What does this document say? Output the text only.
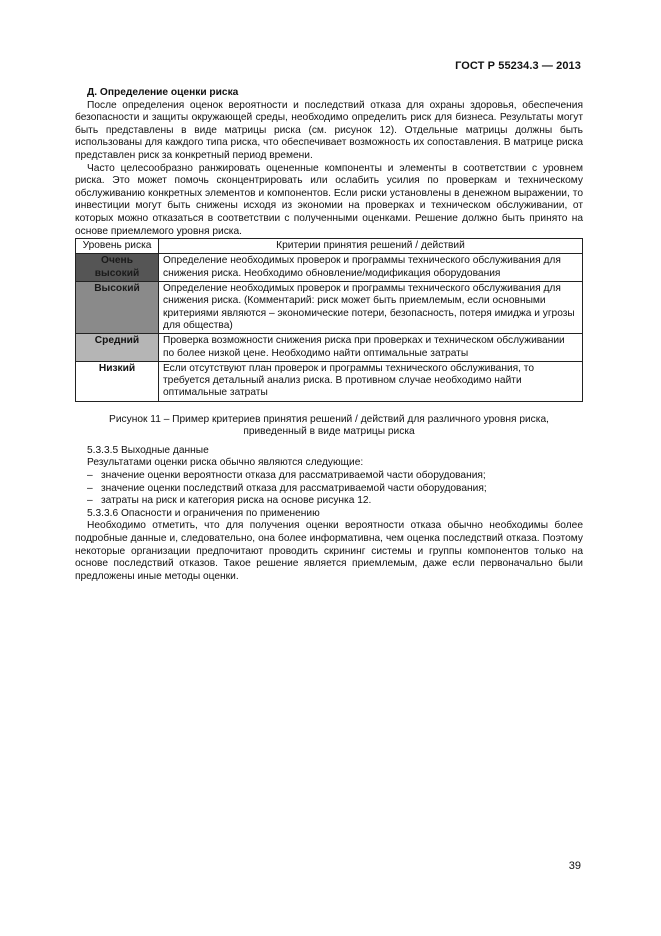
ГОСТ Р 55234.3 — 2013

Д. Определение оценки риска

После определения оценок вероятности и последствий отказа для охраны здоровья, обеспечения безопасности и защиты окружающей среды, необходимо определить риск для бизнеса. Результаты могут быть представлены в виде матрицы риска (см. рисунок 12). Отдельные матрицы должны быть использованы для каждого типа риска, что обеспечивает возможность их сопоставления. В матрице риска представлен риск за конкретный период времени.

Часто целесообразно ранжировать оцененные компоненты и элементы в соответствии с уровнем риска. Это может помочь сконцентрировать или ослабить усилия по проверкам и техническому обслуживанию конкретных элементов и компонентов. Если риски установлены в денежном выражении, то инвестиции могут быть снижены исходя из экономии на проверках и техническом обслуживании, от которых можно отказаться в соответствии с полученными оценками. Решение должно быть принято на основе приемлемого уровня риска.

Уровень риска	Критерии принятия решений / действий
Очень высокий	Определение необходимых проверок и программы технического обслуживания для снижения риска. Необходимо обновление/модификация оборудования
Высокий	Определение необходимых проверок и программы технического обслуживания для снижения риска. (Комментарий: риск может быть приемлемым, если основными критериями являются – экономические потери, безопасность, потеря имиджа и угрозы для общества)
Средний	Проверка возможности снижения риска при проверках и техническом обслуживании по более низкой цене. Необходимо найти оптимальные затраты
Низкий	Если отсутствуют план проверок и программы технического обслуживания, то требуется детальный анализ риска. В противном случае необходимо найти оптимальные затраты
Рисунок 11 – Пример критериев принятия решений / действий для различного уровня риска,
приведенный в виде матрицы риска

5.3.3.5 Выходные данные

Результатами оценки риска обычно являются следующие:

– значение оценки вероятности отказа для рассматриваемой части оборудования;

– значение оценки последствий отказа для рассматриваемой части оборудования;

– затраты на риск и категория риска на основе рисунка 12.

5.3.3.6 Опасности и ограничения по применению

Необходимо отметить, что для получения оценки вероятности отказа обычно необходимы более подробные данные и, следовательно, она более информативна, чем оценка последствий отказа. Поэтому некоторые организации предпочитают проводить скрининг системы и группы компонентов только на основе последствий отказов. Такое решение является приемлемым, даже если первоначально были предложены иные методы оценки.

39
